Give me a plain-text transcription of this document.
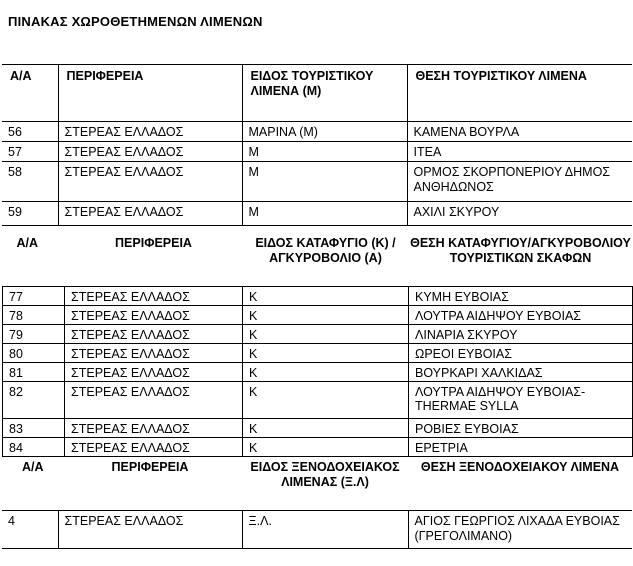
ΠΙΝΑΚΑΣ ΧΩΡΟΘΕΤΗΜΕΝΩΝ ΛΙΜΕΝΩΝ
Α/Α	ΠΕΡΙΦΕΡΕΙΑ	ΕΙΔΟΣ ΤΟΥΡΙΣΤΙΚΟΥ ΛΙΜΕΝΑ (Μ)	ΘΕΣΗ ΤΟΥΡΙΣΤΙΚΟΥ ΛΙΜΕΝΑ
56	ΣΤΕΡΕΑΣ ΕΛΛΑΔΟΣ	ΜΑΡΙΝΑ (Μ)	ΚΑΜΕΝΑ ΒΟΥΡΛΑ
57	ΣΤΕΡΕΑΣ ΕΛΛΑΔΟΣ	Μ	ΙΤΕΑ
58	ΣΤΕΡΕΑΣ ΕΛΛΑΔΟΣ	Μ	ΟΡΜΟΣ ΣΚΟΡΠΟΝΕΡΙΟΥ ΔΗΜΟΣ ΑΝΘΗΔΩΝΟΣ
59	ΣΤΕΡΕΑΣ ΕΛΛΑΔΟΣ	Μ	ΑΧΙΛΙ ΣΚΥΡΟΥ
Α/Α	ΠΕΡΙΦΕΡΕΙΑ	ΕΙΔΟΣ ΚΑΤΑΦΥΓΙΟ (Κ) / ΑΓΚΥΡΟΒΟΛΙΟ (Α)	ΘΕΣΗ ΚΑΤΑΦΥΓΙΟΥ/ΑΓΚΥΡΟΒΟΛΙΟΥ ΤΟΥΡΙΣΤΙΚΩΝ ΣΚΑΦΩΝ
77	ΣΤΕΡΕΑΣ ΕΛΛΑΔΟΣ	Κ	ΚΥΜΗ ΕΥΒΟΙΑΣ
78	ΣΤΕΡΕΑΣ ΕΛΛΑΔΟΣ	Κ	ΛΟΥΤΡΑ ΑΙΔΗΨΟΥ ΕΥΒΟΙΑΣ
79	ΣΤΕΡΕΑΣ ΕΛΛΑΔΟΣ	Κ	ΛΙΝΑΡΙΑ ΣΚΥΡΟΥ
80	ΣΤΕΡΕΑΣ ΕΛΛΑΔΟΣ	Κ	ΩΡΕΟΙ ΕΥΒΟΙΑΣ
81	ΣΤΕΡΕΑΣ ΕΛΛΑΔΟΣ	Κ	ΒΟΥΡΚΑΡΙ ΧΑΛΚΙΔΑΣ
82	ΣΤΕΡΕΑΣ ΕΛΛΑΔΟΣ	Κ	ΛΟΥΤΡΑ ΑΙΔΗΨΟΥ ΕΥΒΟΙΑΣ-THERMAE SYLLA
83	ΣΤΕΡΕΑΣ ΕΛΛΑΔΟΣ	Κ	ΡΟΒΙΕΣ ΕΥΒΟΙΑΣ
84	ΣΤΕΡΕΑΣ ΕΛΛΑΔΟΣ	Κ	ΕΡΕΤΡΙΑ
Α/Α	ΠΕΡΙΦΕΡΕΙΑ	ΕΙΔΟΣ ΞΕΝΟΔΟΧΕΙΑΚΟΣ ΛΙΜΕΝΑΣ (Ξ.Λ)	ΘΕΣΗ ΞΕΝΟΔΟΧΕΙΑΚΟΥ ΛΙΜΕΝΑ
4	ΣΤΕΡΕΑΣ ΕΛΛΑΔΟΣ	Ξ.Λ.	ΑΓΙΟΣ ΓΕΩΡΓΙΟΣ ΛΙΧΑΔΑ ΕΥΒΟΙΑΣ (ΓΡΕΓΟΛΙΜΑΝΟ)
